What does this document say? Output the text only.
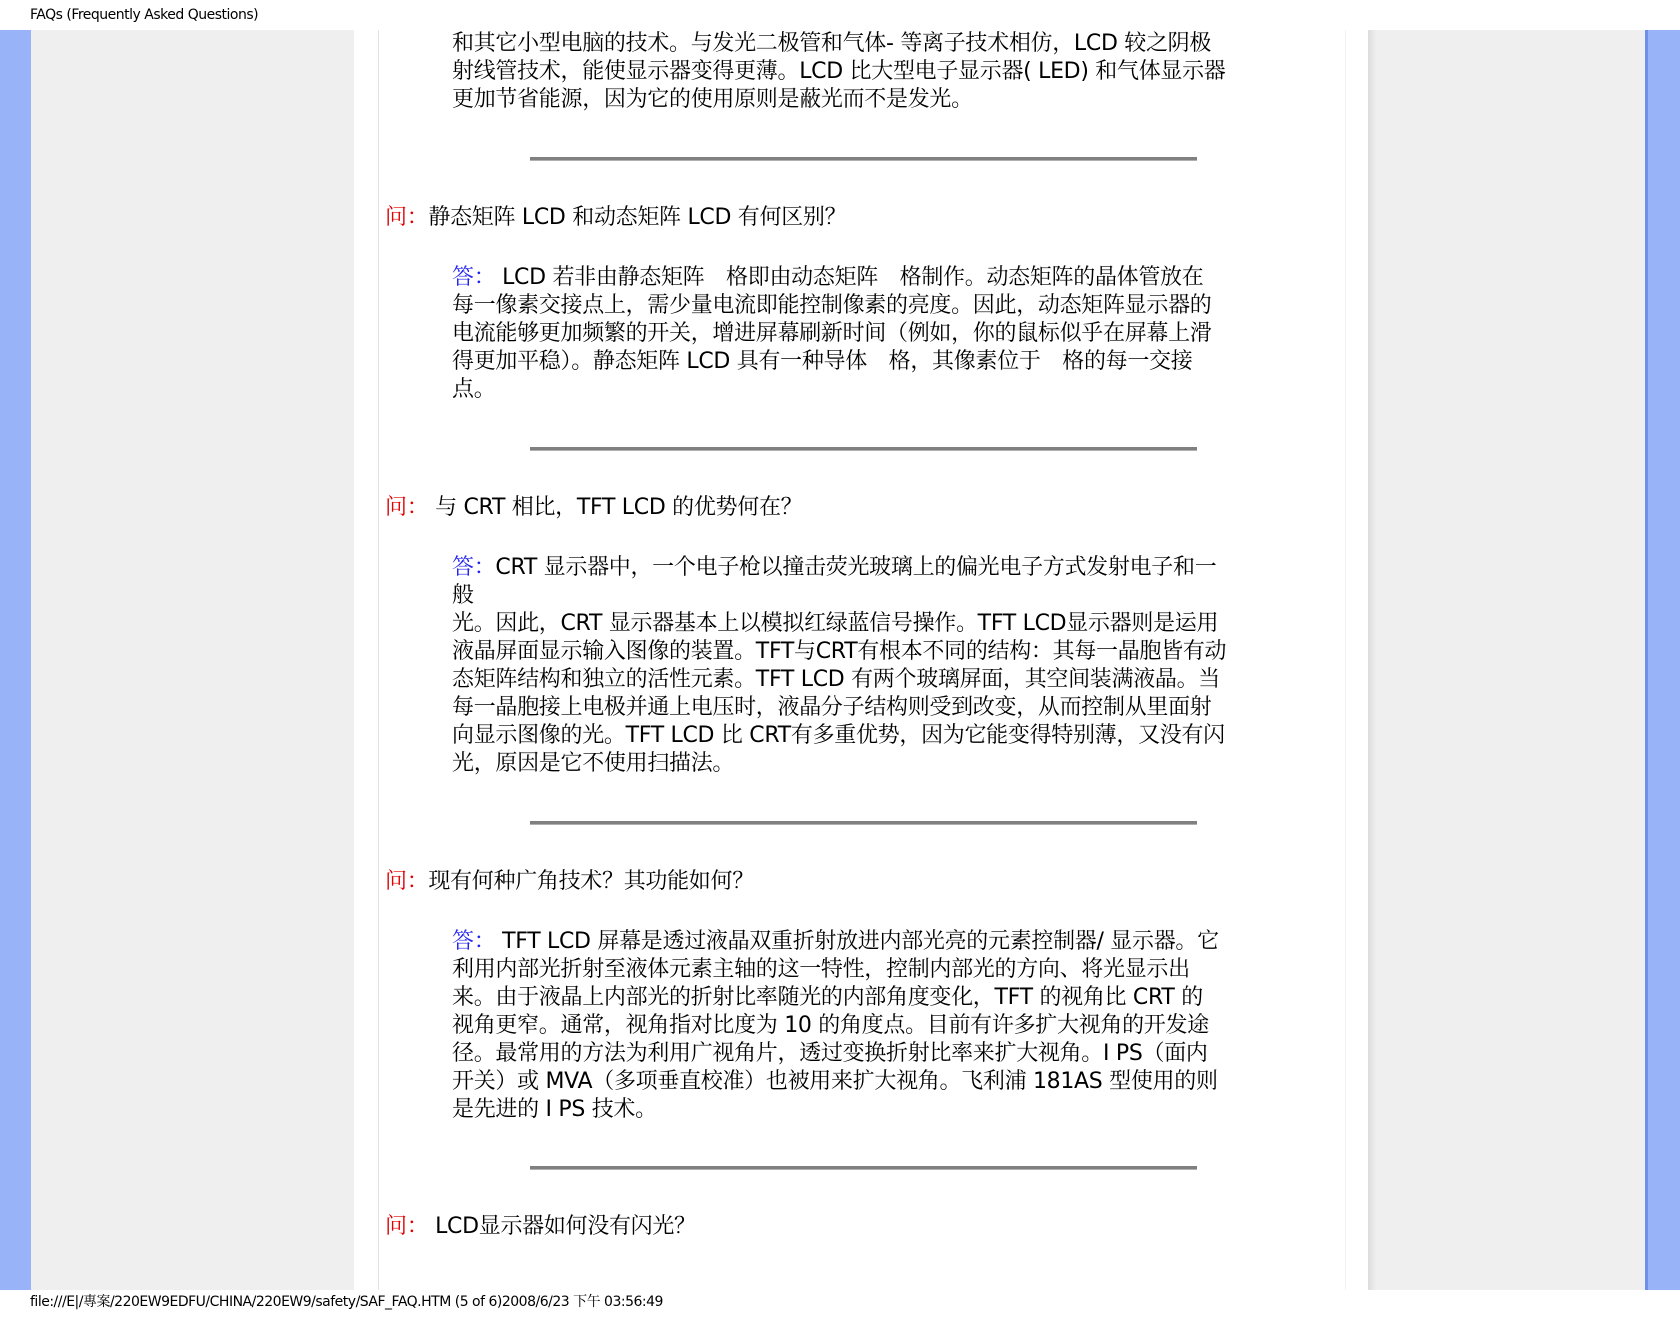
FAQs (Frequently Asked Questions)
和其它小型电脑的技术。与发光二极管和气体- 等离子技术相仿，LCD 较之阴极
射线管技术，能使显示器变得更薄。LCD 比大型电子显示器( LED) 和气体显示器
更加节省能源，因为它的使用原则是蔽光而不是发光。
问：静态矩阵 LCD 和动态矩阵 LCD 有何区别？
答： LCD 若非由静态矩阵　格即由动态矩阵　格制作。动态矩阵的晶体管放在
每一像素交接点上，需少量电流即能控制像素的亮度。因此，动态矩阵显示器的
电流能够更加频繁的开关，增进屏幕刷新时间（例如，你的鼠标似乎在屏幕上滑
得更加平稳）。静态矩阵 LCD 具有一种导体　格，其像素位于　格的每一交接
点。
问： 与 CRT 相比，TFT LCD 的优势何在？
答：CRT 显示器中，一个电子枪以撞击荧光玻璃上的偏光电子方式发射电子和一
般
光。因此，CRT 显示器基本上以模拟红绿蓝信号操作。TFT LCD显示器则是运用
液晶屏面显示输入图像的装置。TFT与CRT有根本不同的结构：其每一晶胞皆有动
态矩阵结构和独立的活性元素。TFT LCD 有两个玻璃屏面，其空间装满液晶。当
每一晶胞接上电极并通上电压时，液晶分子结构则受到改变，从而控制从里面射
向显示图像的光。TFT LCD 比 CRT有多重优势，因为它能变得特别薄，又没有闪
光，原因是它不使用扫描法。
问：现有何种广角技术？其功能如何？
答： TFT LCD 屏幕是透过液晶双重折射放进内部光亮的元素控制器/ 显示器。它
利用内部光折射至液体元素主轴的这一特性，控制内部光的方向、将光显示出
来。由于液晶上内部光的折射比率随光的内部角度变化，TFT 的视角比 CRT 的
视角更窄。通常，视角指对比度为 10 的角度点。目前有许多扩大视角的开发途
径。最常用的方法为利用广视角片，透过变换折射比率来扩大视角。I PS（面内
开关）或 MVA（多项垂直校准）也被用来扩大视角。飞利浦 181AS 型使用的则
是先进的 I PS 技术。
问： LCD显示器如何没有闪光？
file:///E|/專案/220EW9EDFU/CHINA/220EW9/safety/SAF_FAQ.HTM (5 of 6)2008/6/23 下午 03:56:49
